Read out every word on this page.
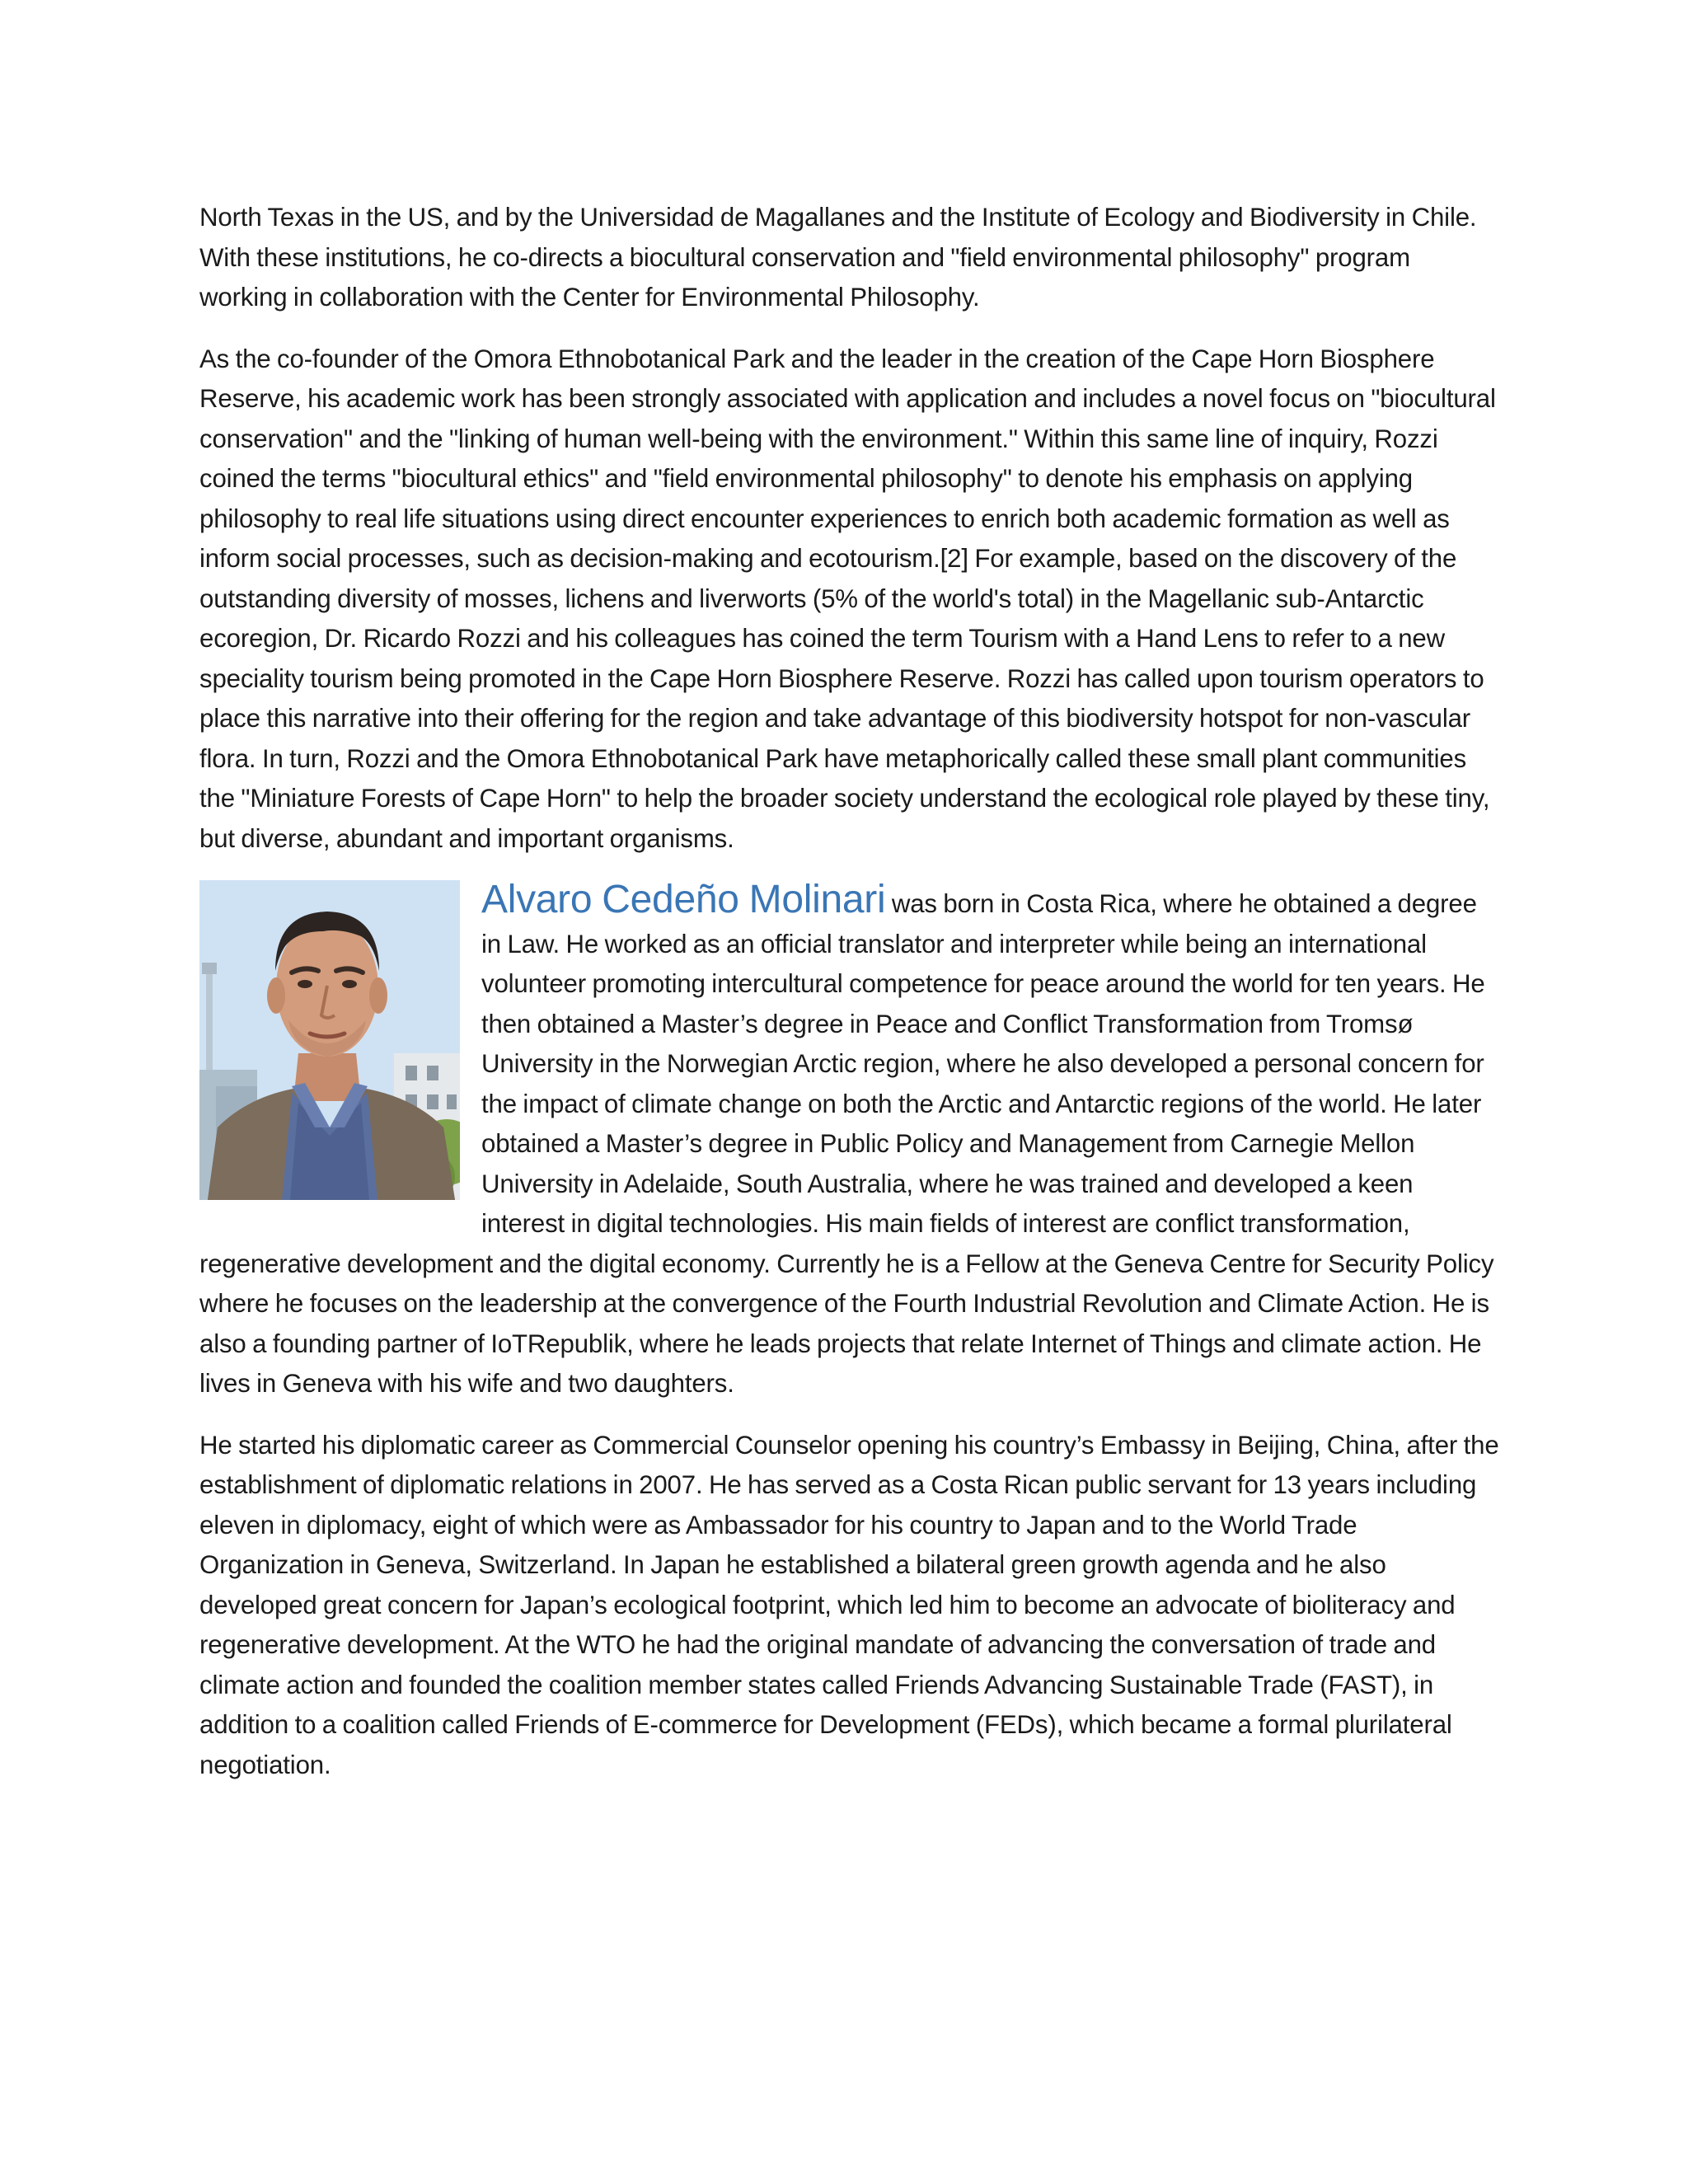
North Texas in the US, and by the Universidad de Magallanes and the Institute of Ecology and Biodiversity in Chile. With these institutions, he co-directs a biocultural conservation and "field environmental philosophy" program working in collaboration with the Center for Environmental Philosophy.

As the co-founder of the Omora Ethnobotanical Park and the leader in the creation of the Cape Horn Biosphere Reserve, his academic work has been strongly associated with application and includes a novel focus on "biocultural conservation" and the "linking of human well-being with the environment." Within this same line of inquiry, Rozzi coined the terms "biocultural ethics" and "field environmental philosophy" to denote his emphasis on applying philosophy to real life situations using direct encounter experiences to enrich both academic formation as well as inform social processes, such as decision-making and ecotourism.[2] For example, based on the discovery of the outstanding diversity of mosses, lichens and liverworts (5% of the world's total) in the Magellanic sub-Antarctic ecoregion, Dr. Ricardo Rozzi and his colleagues has coined the term Tourism with a Hand Lens to refer to a new speciality tourism being promoted in the Cape Horn Biosphere Reserve. Rozzi has called upon tourism operators to place this narrative into their offering for the region and take advantage of this biodiversity hotspot for non-vascular flora. In turn, Rozzi and the Omora Ethnobotanical Park have metaphorically called these small plant communities the "Miniature Forests of Cape Horn" to help the broader society understand the ecological role played by these tiny, but diverse, abundant and important organisms.

Alvaro Cedeño Molinari was born in Costa Rica, where he obtained a degree in Law. He worked as an official translator and interpreter while being an international volunteer promoting intercultural competence for peace around the world for ten years. He then obtained a Master’s degree in Peace and Conflict Transformation from Tromsø University in the Norwegian Arctic region, where he also developed a personal concern for the impact of climate change on both the Arctic and Antarctic regions of the world. He later obtained a Master’s degree in Public Policy and Management from Carnegie Mellon University in Adelaide, South Australia, where he was trained and developed a keen interest in digital technologies. His main fields of interest are conflict transformation, regenerative development and the digital economy. Currently he is a Fellow at the Geneva Centre for Security Policy where he focuses on the leadership at the convergence of the Fourth Industrial Revolution and Climate Action. He is also a founding partner of IoTRepublik, where he leads projects that relate Internet of Things and climate action. He lives in Geneva with his wife and two daughters.

He started his diplomatic career as Commercial Counselor opening his country’s Embassy in Beijing, China, after the establishment of diplomatic relations in 2007. He has served as a Costa Rican public servant for 13 years including eleven in diplomacy, eight of which were as Ambassador for his country to Japan and to the World Trade Organization in Geneva, Switzerland. In Japan he established a bilateral green growth agenda and he also developed great concern for Japan’s ecological footprint, which led him to become an advocate of bioliteracy and regenerative development. At the WTO he had the original mandate of advancing the conversation of trade and climate action and founded the coalition member states called Friends Advancing Sustainable Trade (FAST), in addition to a coalition called Friends of E-commerce for Development (FEDs), which became a formal plurilateral negotiation.
